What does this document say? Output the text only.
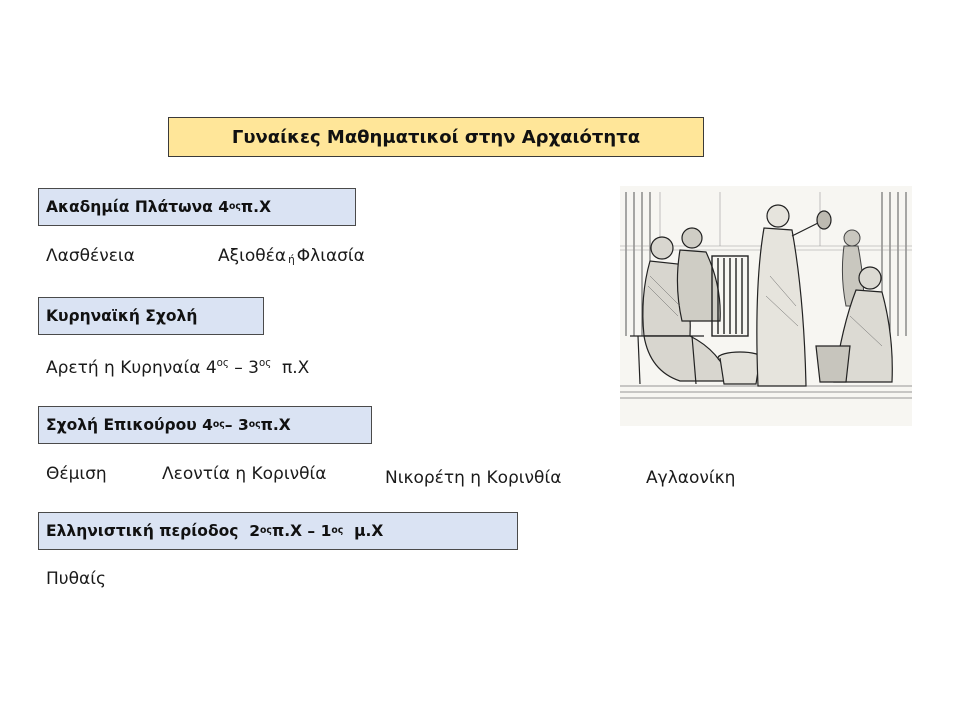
Γυναίκες Μαθηματικοί στην Αρχαιότητα
Ακαδημία Πλάτωνα 4 ος π.Χ
Λασθένεια	Αξιοθέα ή Φλιασία
Κυρηναϊκή Σχολή
Αρετή η Κυρηναία $4^{o\varsigma} - 3^{o\varsigma}$  π.Χ
Σχολή Επικούρου 4 ος – 3 ος π.Χ
Θέμιση	Λεοντία η Κορινθία	Νικορέτη η Κορινθία	Αγλαονίκη
Ελληνιστική περίοδος  2 ος π.Χ – 1 ος μ.Χ
Πυθαίς
